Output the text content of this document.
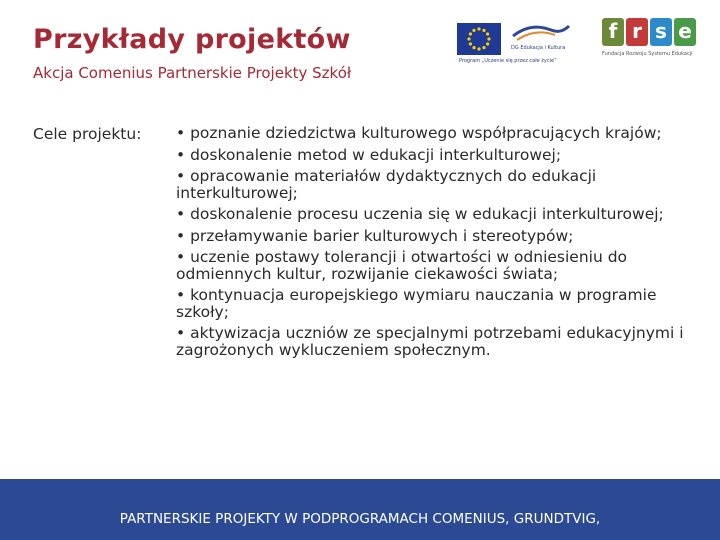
Przykłady projektów
Akcja Comenius Partnerskie Projekty Szkół
DG Edukacja i Kultura
Program „Uczenie się przez całe życie”
f r s e
Fundacja Rozwoju Systemu Edukacji
Cele projektu: • poznanie dziedzictwa kulturowego współpracujących krajów;
• doskonalenie metod w edukacji interkulturowej;
• opracowanie materiałów dydaktycznych do edukacji interkulturowej;
• doskonalenie procesu uczenia się w edukacji interkulturowej;
• przełamywanie barier kulturowych i stereotypów;
• uczenie postawy tolerancji i otwartości w odniesieniu do odmiennych kultur, rozwijanie ciekawości świata;
• kontynuacja europejskiego wymiaru nauczania w programie szkoły;
• aktywizacja uczniów ze specjalnymi potrzebami edukacyjnymi i zagrożonych wykluczeniem społecznym.
PARTNERSKIE PROJEKTY W PODPROGRAMACH COMENIUS, GRUNDTVIG,
